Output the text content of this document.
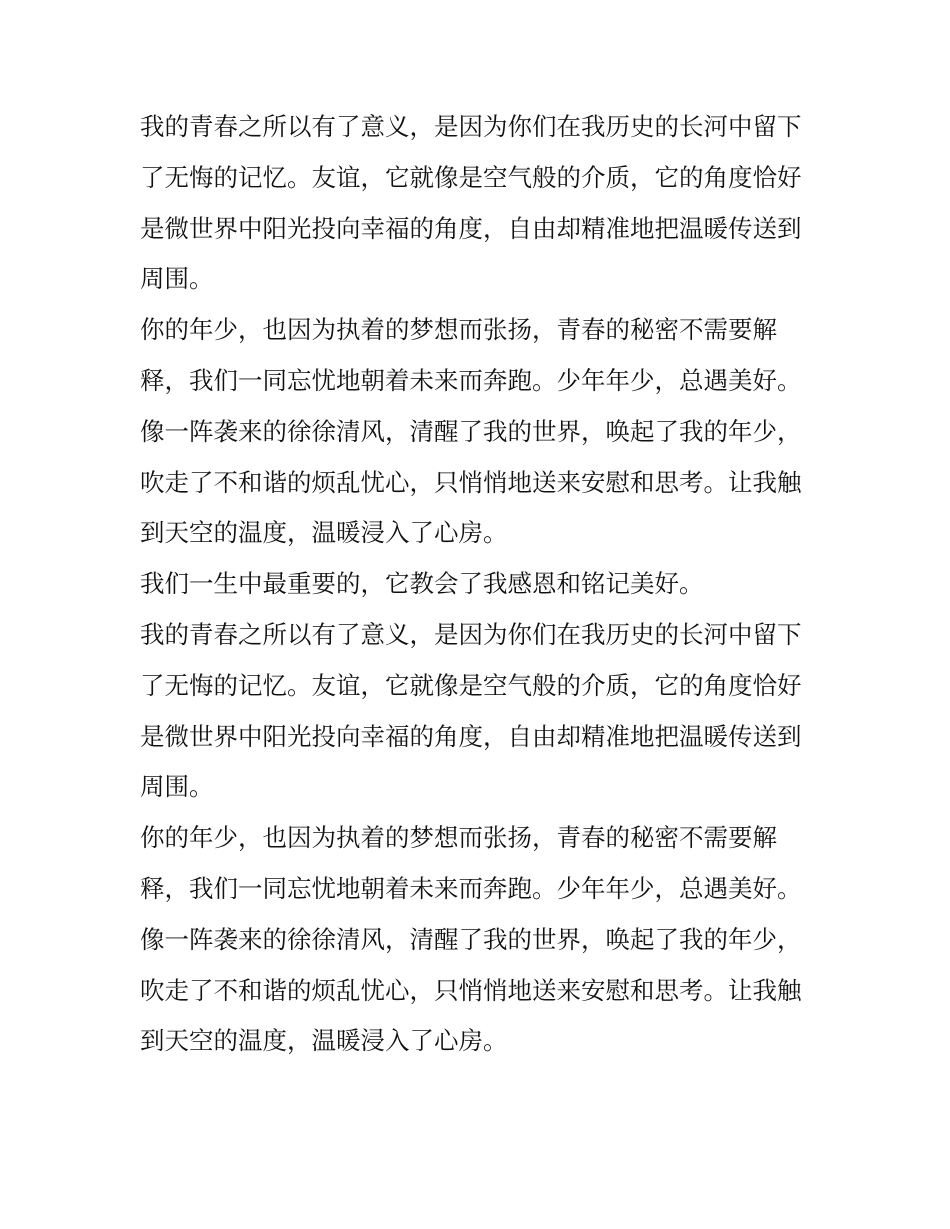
我的青春之所以有了意义，是因为你们在我历史的长河中留下
了无悔的记忆。友谊，它就像是空气般的介质，它的角度恰好
是微世界中阳光投向幸福的角度，自由却精准地把温暖传送到
周围。
你的年少，也因为执着的梦想而张扬，青春的秘密不需要解
释，我们一同忘忧地朝着未来而奔跑。少年年少，总遇美好。
像一阵袭来的徐徐清风，清醒了我的世界，唤起了我的年少，
吹走了不和谐的烦乱忧心，只悄悄地送来安慰和思考。让我触
到天空的温度，温暖浸入了心房。
我们一生中最重要的，它教会了我感恩和铭记美好。
我的青春之所以有了意义，是因为你们在我历史的长河中留下
了无悔的记忆。友谊，它就像是空气般的介质，它的角度恰好
是微世界中阳光投向幸福的角度，自由却精准地把温暖传送到
周围。
你的年少，也因为执着的梦想而张扬，青春的秘密不需要解
释，我们一同忘忧地朝着未来而奔跑。少年年少，总遇美好。
像一阵袭来的徐徐清风，清醒了我的世界，唤起了我的年少，
吹走了不和谐的烦乱忧心，只悄悄地送来安慰和思考。让我触
到天空的温度，温暖浸入了心房。
